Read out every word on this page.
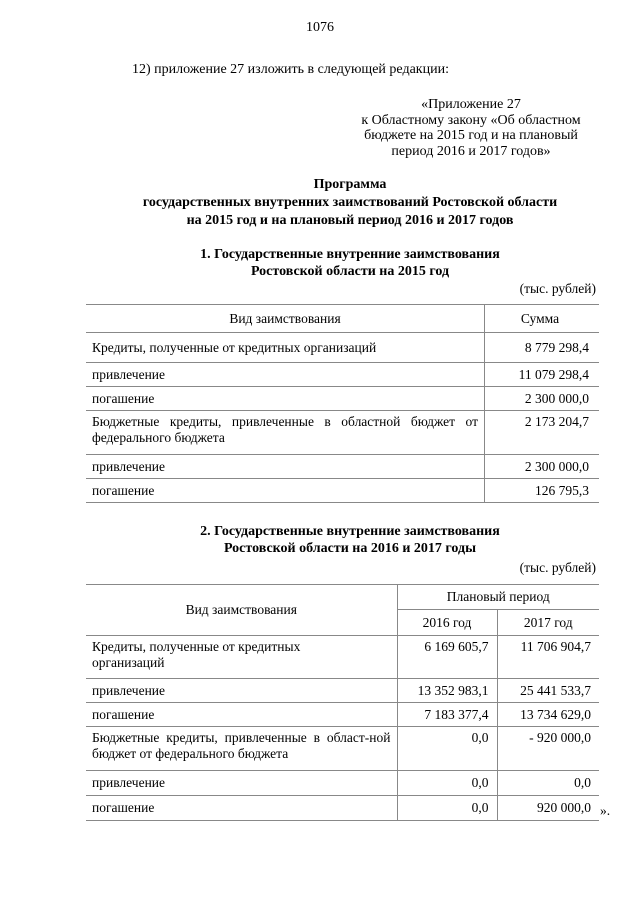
1076
12) приложение 27 изложить в следующей редакции:
«Приложение 27
к Областному закону «Об областном
бюджете на 2015 год и на плановый
период 2016 и 2017 годов»
Программа
государственных внутренних заимствований Ростовской области
на 2015 год и на плановый период 2016 и 2017 годов
1. Государственные внутренние заимствования
Ростовской области на 2015 год
(тыс. рублей)
Вид заимствования	Сумма
Кредиты, полученные от кредитных организаций	8 779 298,4
привлечение	11 079 298,4
погашение	2 300 000,0
Бюджетные кредиты, привлеченные в областной бюджет от федерального бюджета	2 173 204,7
привлечение	2 300 000,0
погашение	126 795,3
2. Государственные внутренние заимствования
Ростовской области на 2016 и 2017 годы
(тыс. рублей)
Вид заимствования	Плановый период	
	2016 год	2017 год
Кредиты, полученные от кредитных организаций	6 169 605,7	11 706 904,7
привлечение	13 352 983,1	25 441 533,7
погашение	7 183 377,4	13 734 629,0
Бюджетные кредиты, привлеченные в област-ной бюджет от федерального бюджета	0,0	- 920 000,0
привлечение	0,0	0,0
погашение	0,0	920 000,0 ».
